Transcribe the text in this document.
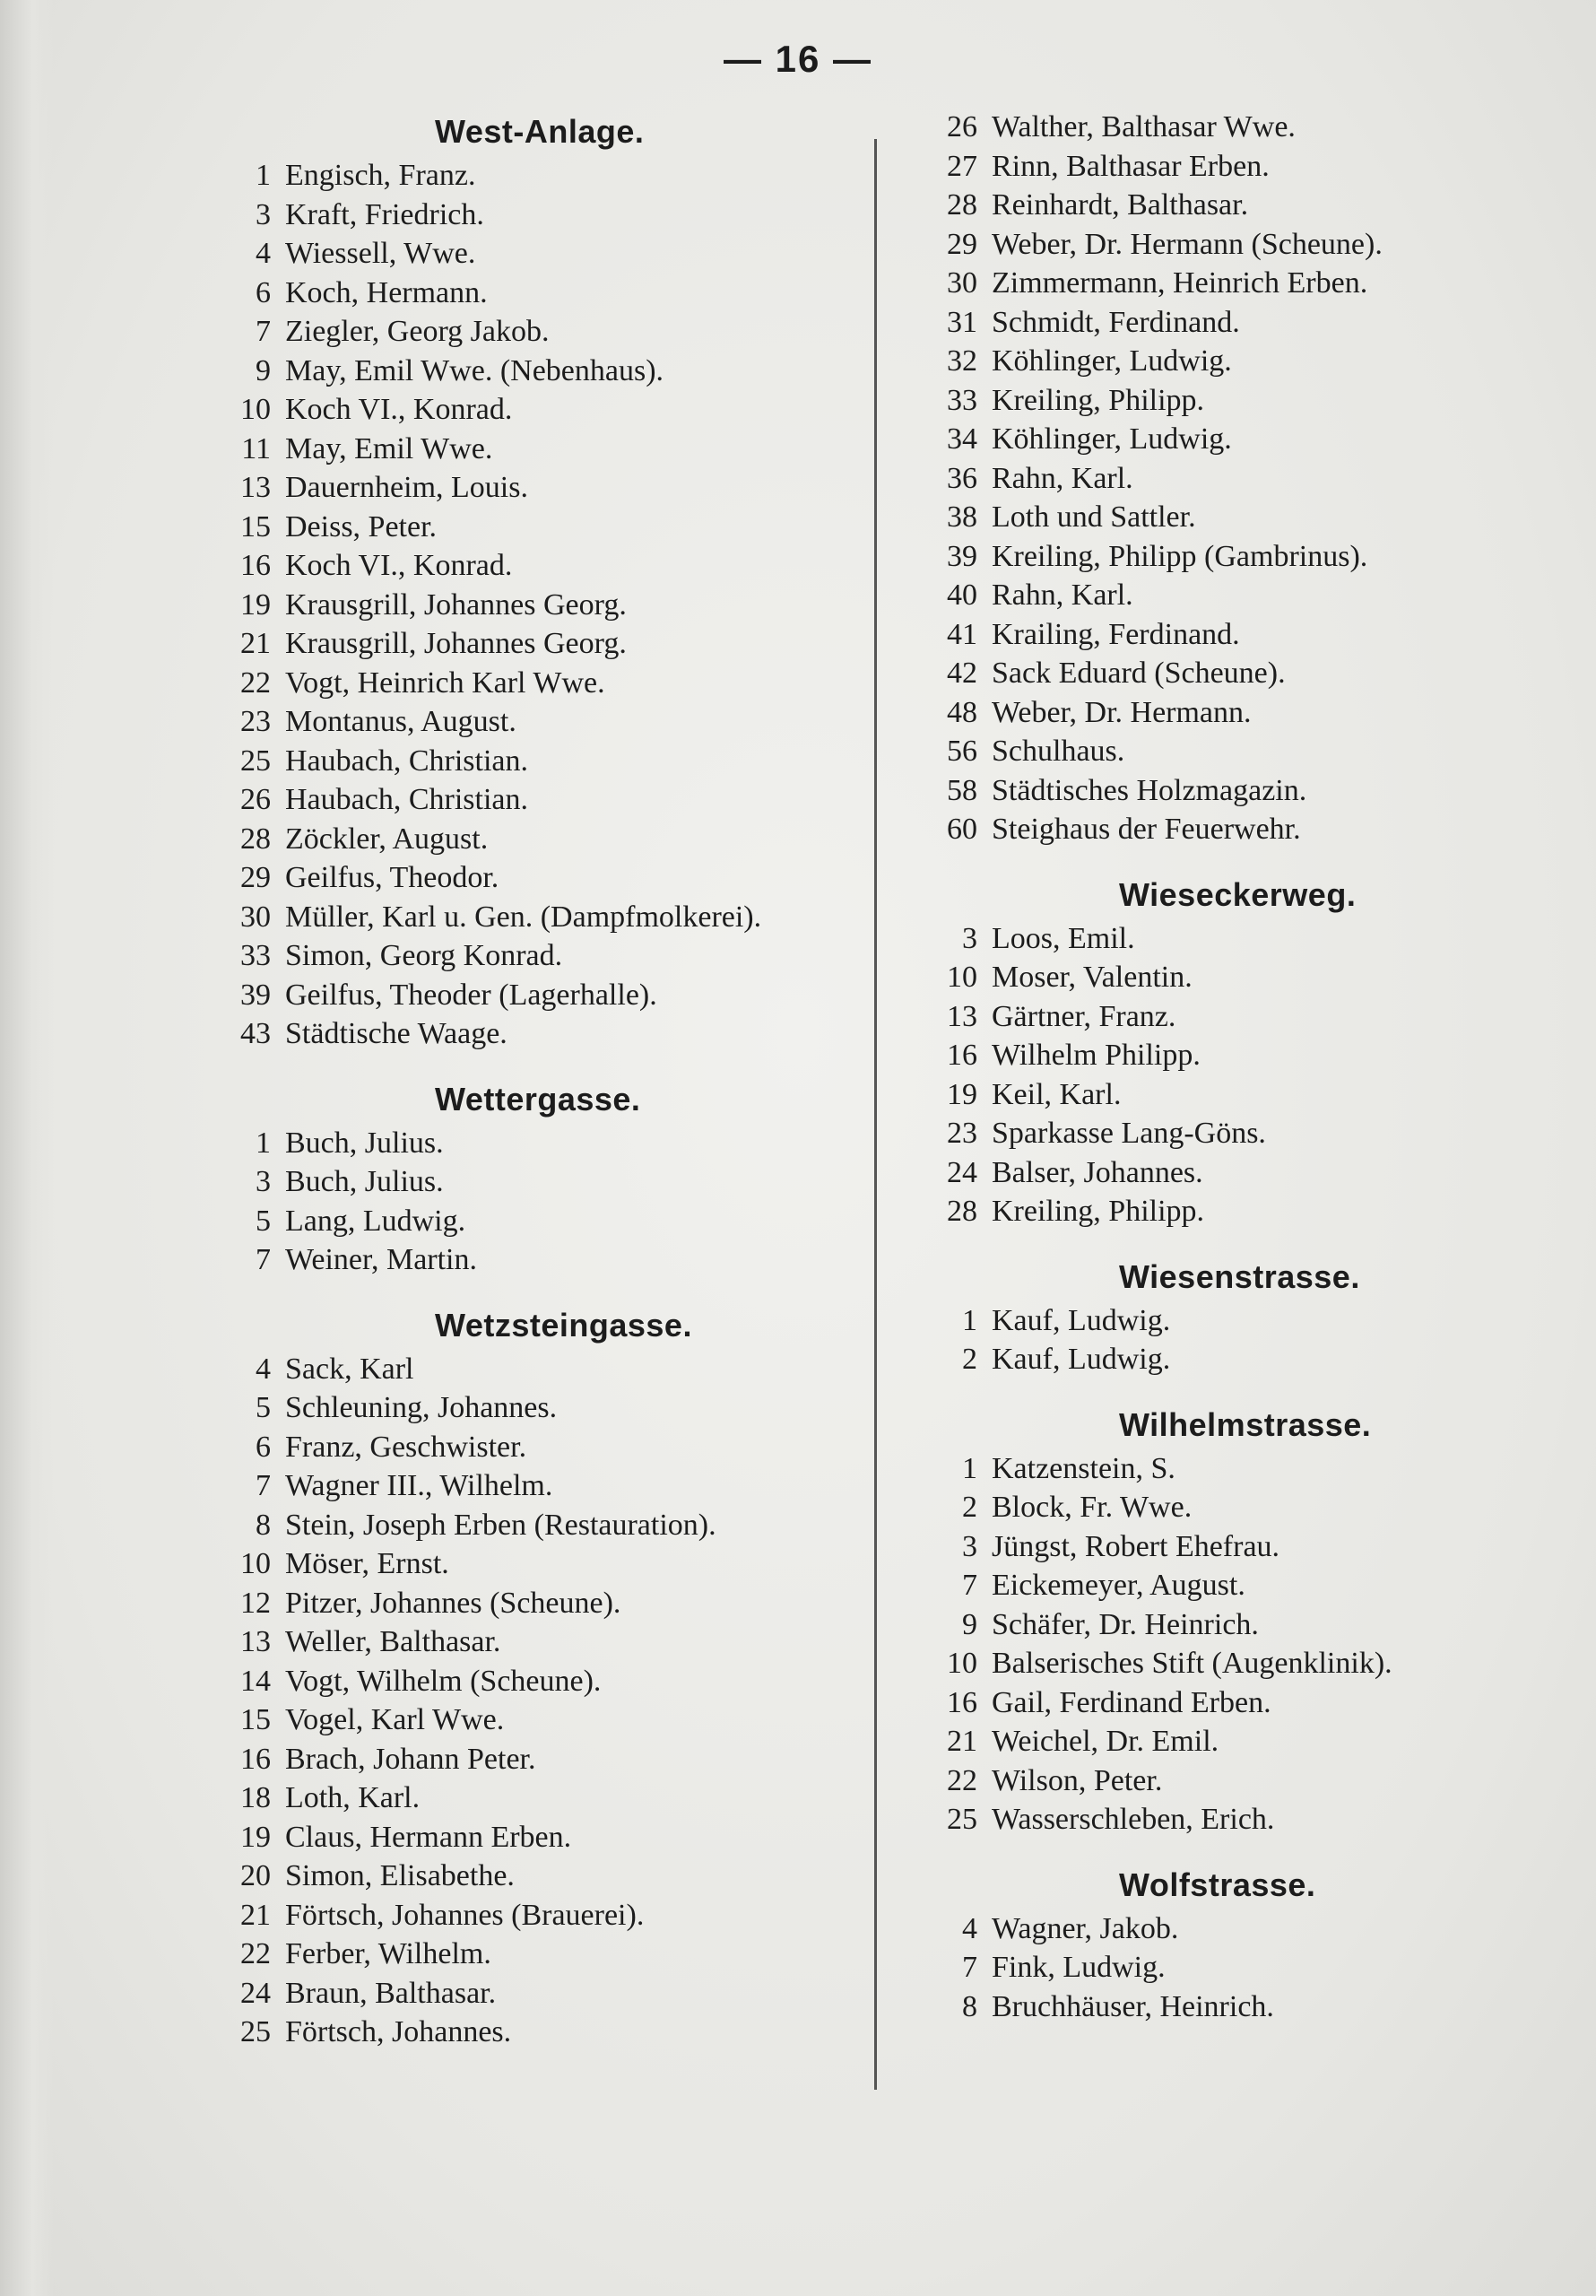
— 16 —
West-Anlage.
1 Engisch, Franz.
3 Kraft, Friedrich.
4 Wiessell, Wwe.
6 Koch, Hermann.
7 Ziegler, Georg Jakob.
9 May, Emil Wwe. (Nebenhaus).
10 Koch VI., Konrad.
11 May, Emil Wwe.
13 Dauernheim, Louis.
15 Deiss, Peter.
16 Koch VI., Konrad.
19 Krausgrill, Johannes Georg.
21 Krausgrill, Johannes Georg.
22 Vogt, Heinrich Karl Wwe.
23 Montanus, August.
25 Haubach, Christian.
26 Haubach, Christian.
28 Zöckler, August.
29 Geilfus, Theodor.
30 Müller, Karl u. Gen. (Dampfmolkerei).
33 Simon, Georg Konrad.
39 Geilfus, Theoder (Lagerhalle).
43 Städtische Waage.
Wettergasse.
1 Buch, Julius.
3 Buch, Julius.
5 Lang, Ludwig.
7 Weiner, Martin.
Wetzsteingasse.
4 Sack, Karl
5 Schleuning, Johannes.
6 Franz, Geschwister.
7 Wagner III., Wilhelm.
8 Stein, Joseph Erben (Restauration).
10 Möser, Ernst.
12 Pitzer, Johannes (Scheune).
13 Weller, Balthasar.
14 Vogt, Wilhelm (Scheune).
15 Vogel, Karl Wwe.
16 Brach, Johann Peter.
18 Loth, Karl.
19 Claus, Hermann Erben.
20 Simon, Elisabethe.
21 Förtsch, Johannes (Brauerei).
22 Ferber, Wilhelm.
24 Braun, Balthasar.
25 Förtsch, Johannes.
26 Walther, Balthasar Wwe.
27 Rinn, Balthasar Erben.
28 Reinhardt, Balthasar.
29 Weber, Dr. Hermann (Scheune).
30 Zimmermann, Heinrich Erben.
31 Schmidt, Ferdinand.
32 Köhlinger, Ludwig.
33 Kreiling, Philipp.
34 Köhlinger, Ludwig.
36 Rahn, Karl.
38 Loth und Sattler.
39 Kreiling, Philipp (Gambrinus).
40 Rahn, Karl.
41 Krailing, Ferdinand.
42 Sack Eduard (Scheune).
48 Weber, Dr. Hermann.
56 Schulhaus.
58 Städtisches Holzmagazin.
60 Steighaus der Feuerwehr.
Wieseckerweg.
3 Loos, Emil.
10 Moser, Valentin.
13 Gärtner, Franz.
16 Wilhelm Philipp.
19 Keil, Karl.
23 Sparkasse Lang-Göns.
24 Balser, Johannes.
28 Kreiling, Philipp.
Wiesenstrasse.
1 Kauf, Ludwig.
2 Kauf, Ludwig.
Wilhelmstrasse.
1 Katzenstein, S.
2 Block, Fr. Wwe.
3 Jüngst, Robert Ehefrau.
7 Eickemeyer, August.
9 Schäfer, Dr. Heinrich.
10 Balserisches Stift (Augenklinik).
16 Gail, Ferdinand Erben.
21 Weichel, Dr. Emil.
22 Wilson, Peter.
25 Wasserschleben, Erich.
Wolfstrasse.
4 Wagner, Jakob.
7 Fink, Ludwig.
8 Bruchhäuser, Heinrich.
